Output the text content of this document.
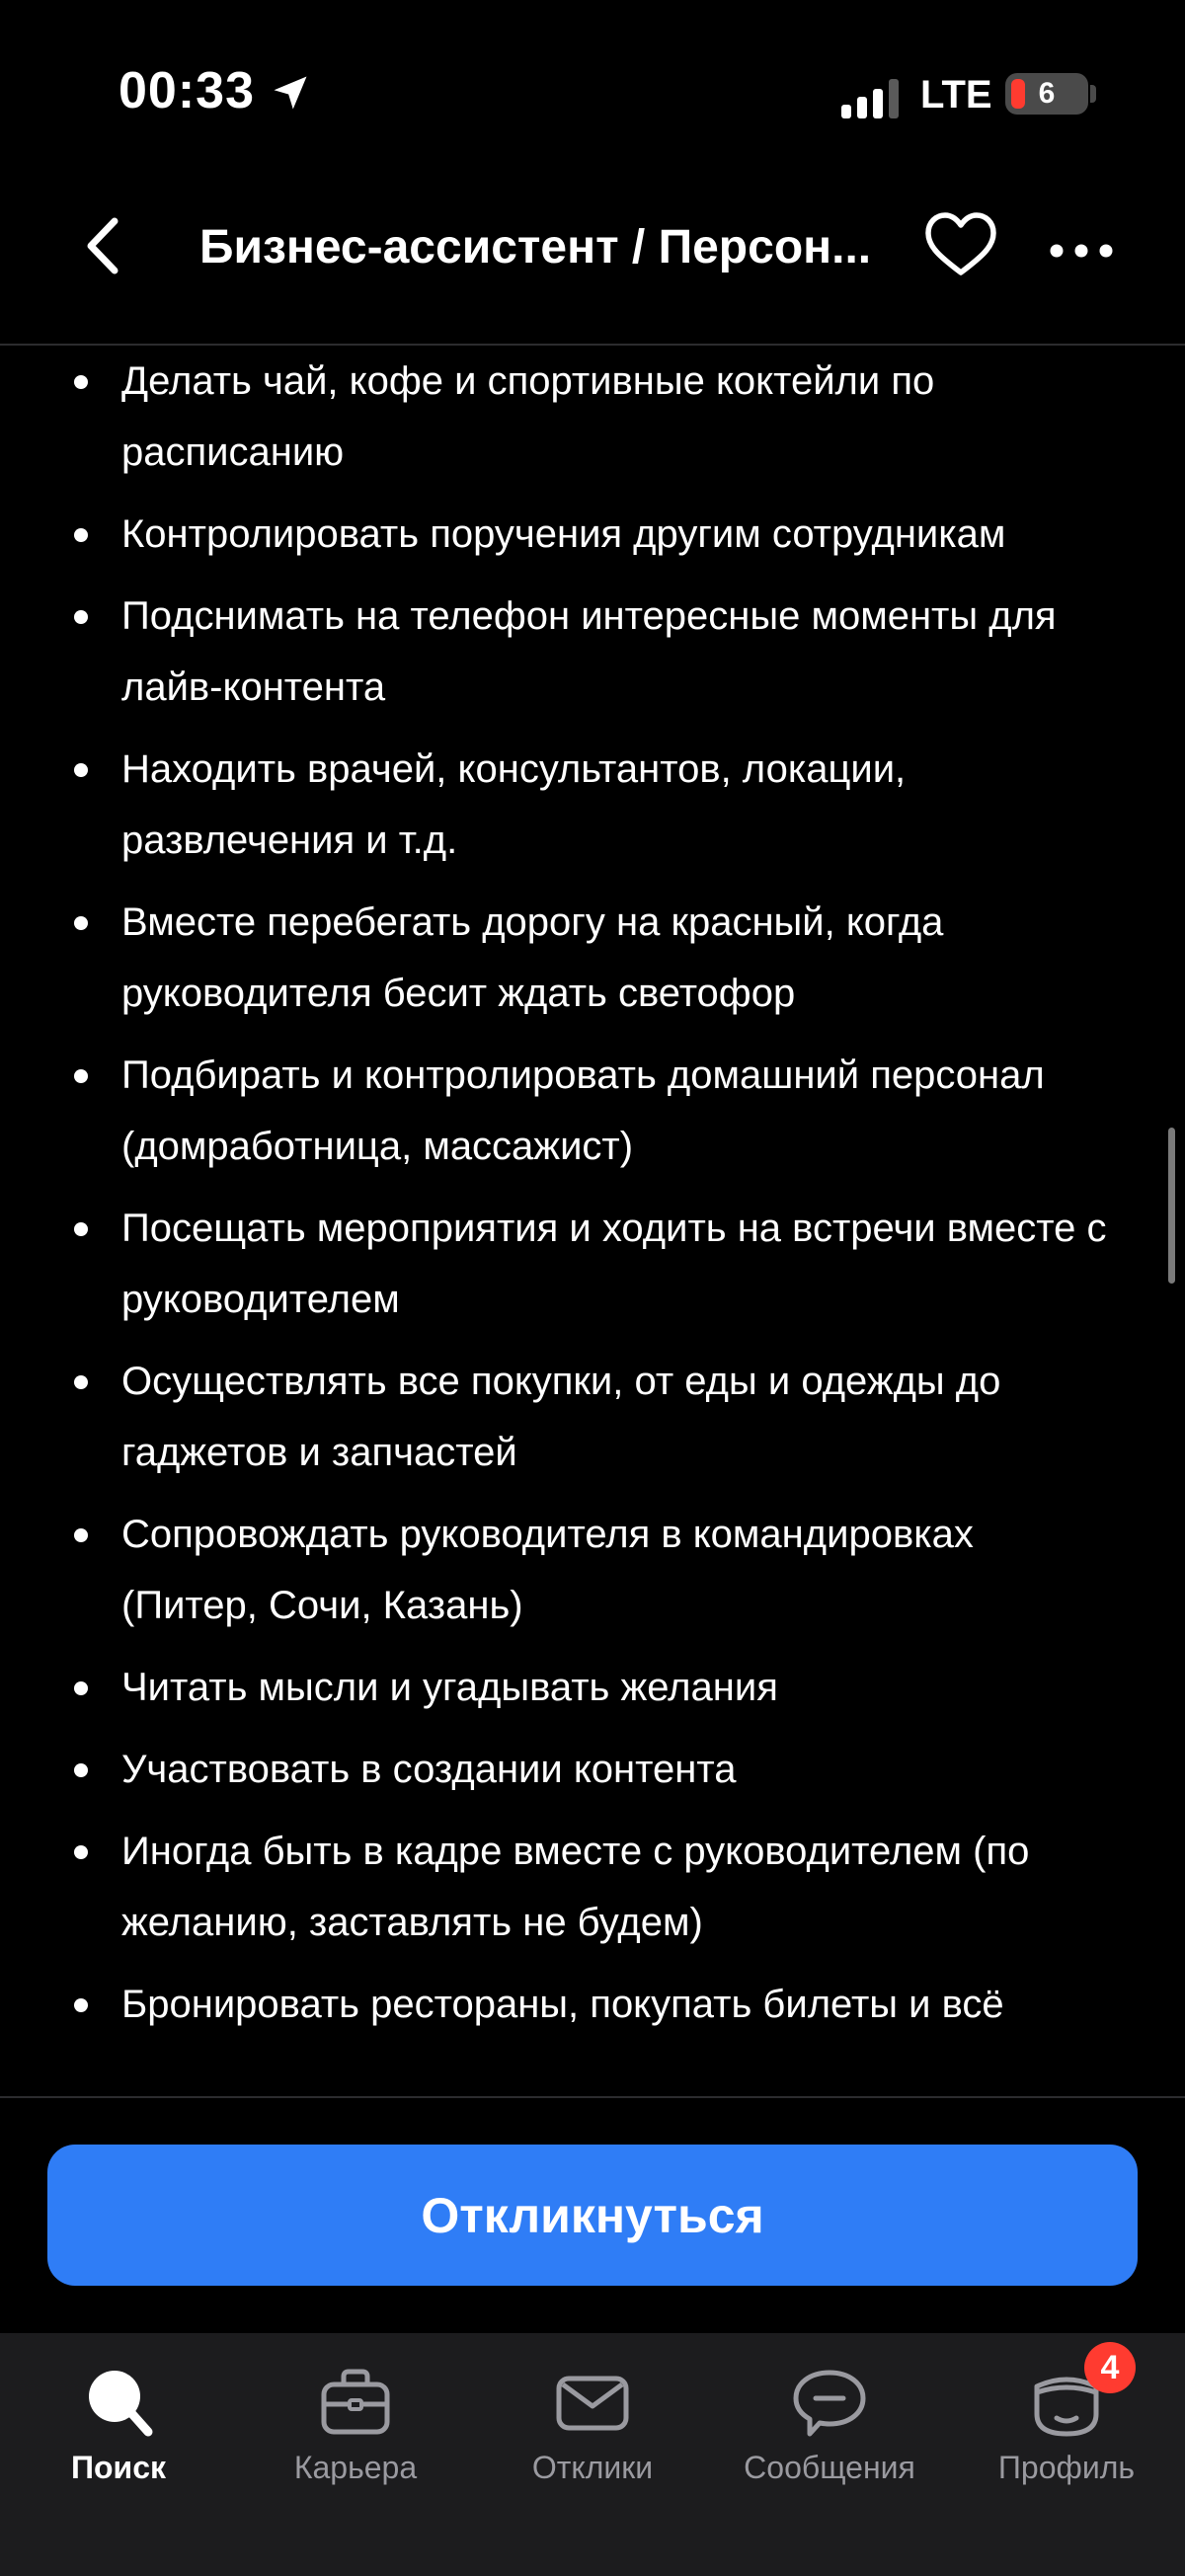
00:33	LTE	6
Бизнес-ассистент / Персон...
Делать чай, кофе и спортивные коктейли по расписанию
Контролировать поручения другим сотрудникам
Подснимать на телефон интересные моменты для лайв-контента
Находить врачей, консультантов, локации, развлечения и т.д.
Вместе перебегать дорогу на красный, когда руководителя бесит ждать светофор
Подбирать и контролировать домашний персонал (домработница, массажист)
Посещать мероприятия и ходить на встречи вместе с руководителем
Осуществлять все покупки, от еды и одежды до гаджетов и запчастей
Сопровождать руководителя в командировках (Питер, Сочи, Казань)
Читать мысли и угадывать желания
Участвовать в создании контента
Иногда быть в кадре вместе с руководителем (по желанию, заставлять не будем)
Бронировать рестораны, покупать билеты и всё
Откликнуться
Поиск	Карьера	Отклики	Сообщения	Профиль
4
